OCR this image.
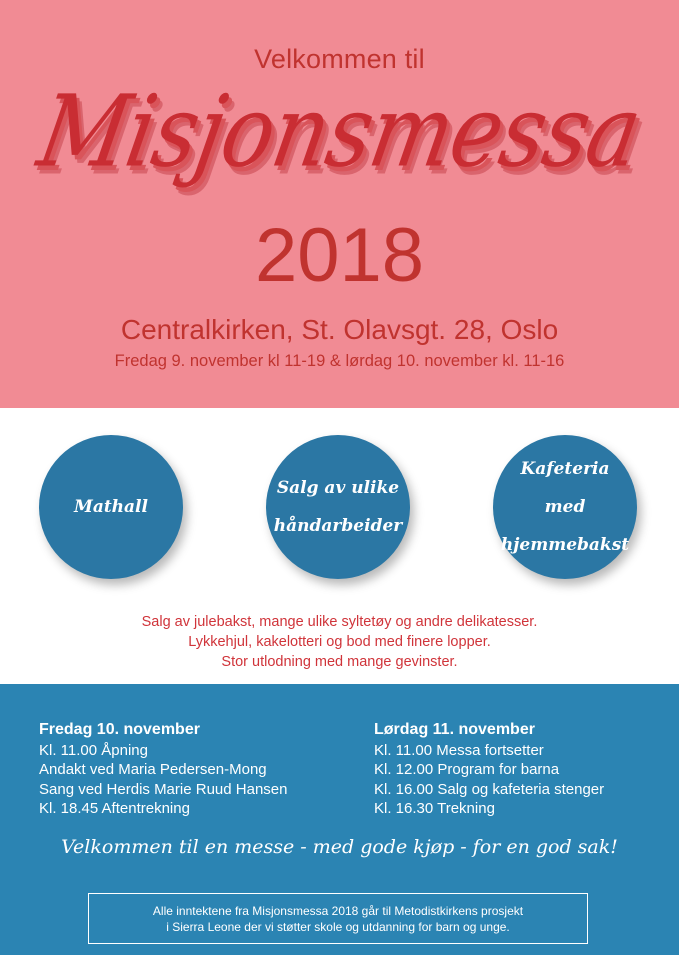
Velkommen til
Misjonsmessa
2018
Centralkirken, St. Olavsgt. 28, Oslo
Fredag 9. november kl 11-19 & lørdag 10. november kl. 11-16
Mathall
Salg av ulike
håndarbeider
Kafeteria med
hjemmebakst
Salg av julebakst, mange ulike syltetøy og andre delikatesser.
Lykkehjul, kakelotteri og bod med finere lopper.
Stor utlodning med mange gevinster.
Fredag 10. november
Kl. 11.00 Åpning
Andakt ved Maria Pedersen-Mong
Sang ved Herdis Marie Ruud Hansen
Kl. 18.45 Aftentrekning
Lørdag 11. november
Kl. 11.00 Messa fortsetter
Kl. 12.00 Program for barna
Kl. 16.00 Salg og kafeteria stenger
Kl. 16.30 Trekning
Velkommen til en messe - med gode kjøp - for en god sak!
Alle inntektene fra Misjonsmessa 2018 går til Metodistkirkens prosjekt
i Sierra Leone der vi støtter skole og utdanning for barn og unge.
